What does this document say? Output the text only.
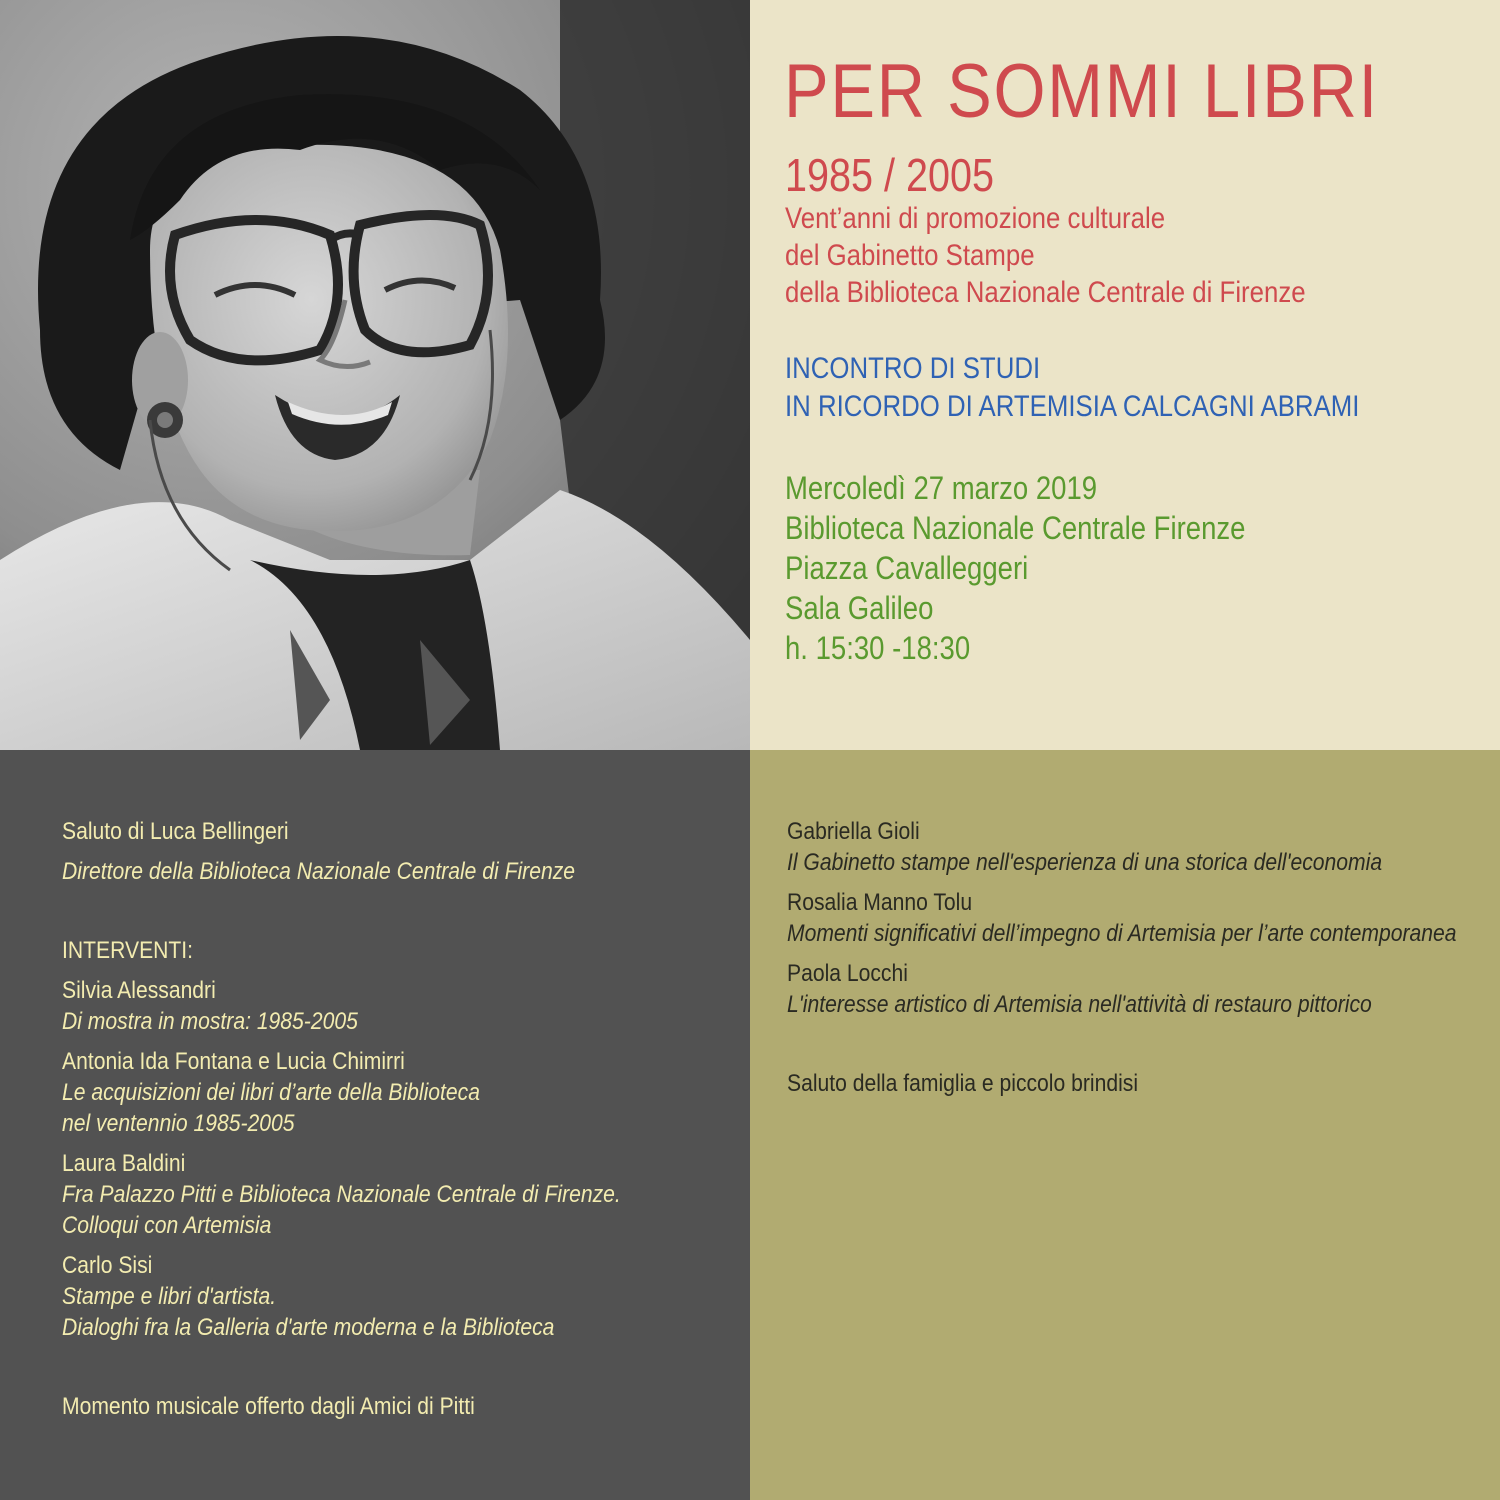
PER SOMMI LIBRI
1985 / 2005
Vent’anni di promozione culturale
del Gabinetto Stampe
della Biblioteca Nazionale Centrale di Firenze
INCONTRO DI STUDI
IN RICORDO DI ARTEMISIA CALCAGNI ABRAMI
Mercoledì 27 marzo 2019
Biblioteca Nazionale Centrale Firenze
Piazza Cavalleggeri
Sala Galileo
h. 15:30 -18:30
Saluto di Luca Bellingeri
Direttore della Biblioteca Nazionale Centrale di Firenze
INTERVENTI:
Silvia Alessandri
Di mostra in mostra: 1985-2005
Antonia Ida Fontana e Lucia Chimirri
Le acquisizioni dei libri d’arte della Biblioteca
nel ventennio 1985-2005
Laura Baldini
Fra Palazzo Pitti e Biblioteca Nazionale Centrale di Firenze.
Colloqui con Artemisia
Carlo Sisi
Stampe e libri d'artista.
Dialoghi fra la Galleria d'arte moderna e la Biblioteca
Momento musicale offerto dagli Amici di Pitti
Gabriella Gioli
Il Gabinetto stampe nell'esperienza di una storica dell'economia
Rosalia Manno Tolu
Momenti significativi dell’impegno di Artemisia per l’arte contemporanea
Paola Locchi
L'interesse artistico di Artemisia nell'attività di restauro pittorico
Saluto della famiglia e piccolo brindisi
